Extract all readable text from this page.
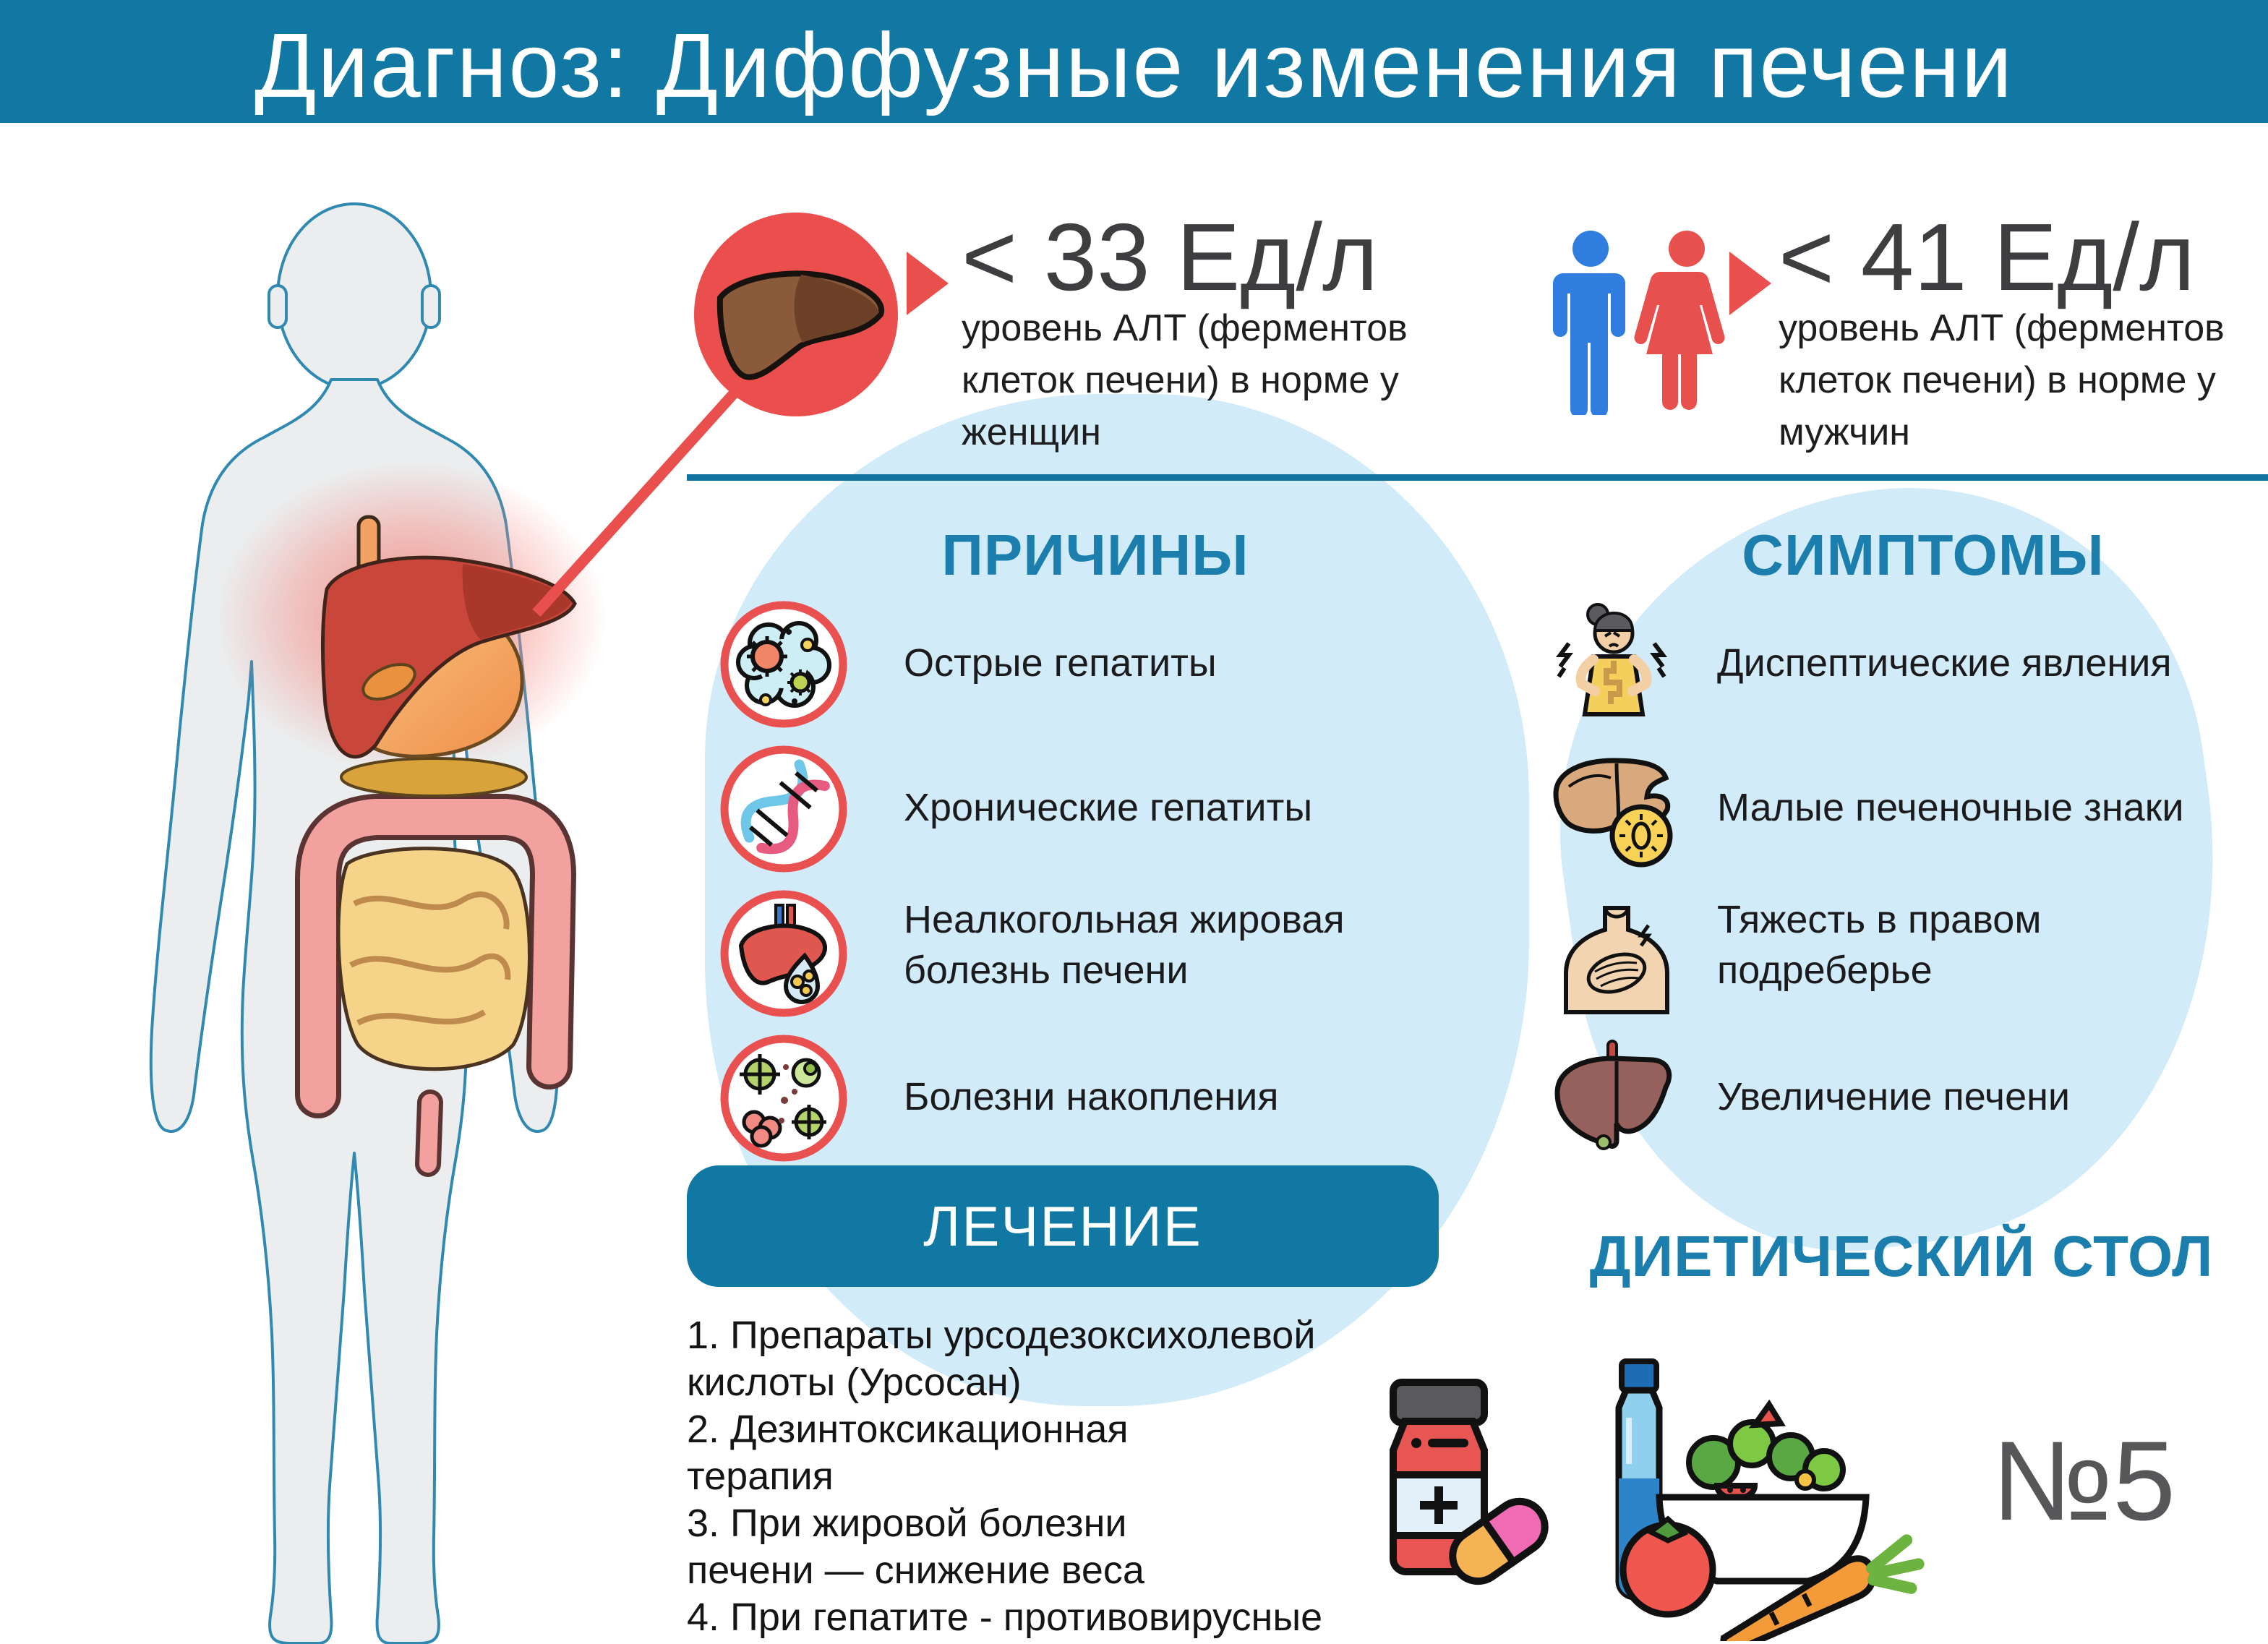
Диагноз: Диффузные изменения печени
< 33 Ед/л
уровень АЛТ (ферментов клеток печени) в норме у женщин
< 41 Ед/л
уровень АЛТ (ферментов клеток печени) в норме у мужчин
ПРИЧИНЫ
Острые гепатиты
Хронические гепатиты
Неалкогольная жировая болезнь печени
Болезни накопления
СИМПТОМЫ
Диспептические явления
Малые печеночные знаки
Тяжесть в правом подреберье
Увеличение печени
ЛЕЧЕНИЕ
1. Препараты урсодезоксихолевой
кислоты (Урсосан)
2. Дезинтоксикационная
терапия
3. При жировой болезни
печени — снижение веса
4. При гепатите - противовирусные
ДИЕТИЧЕСКИЙ СТОЛ
№5
